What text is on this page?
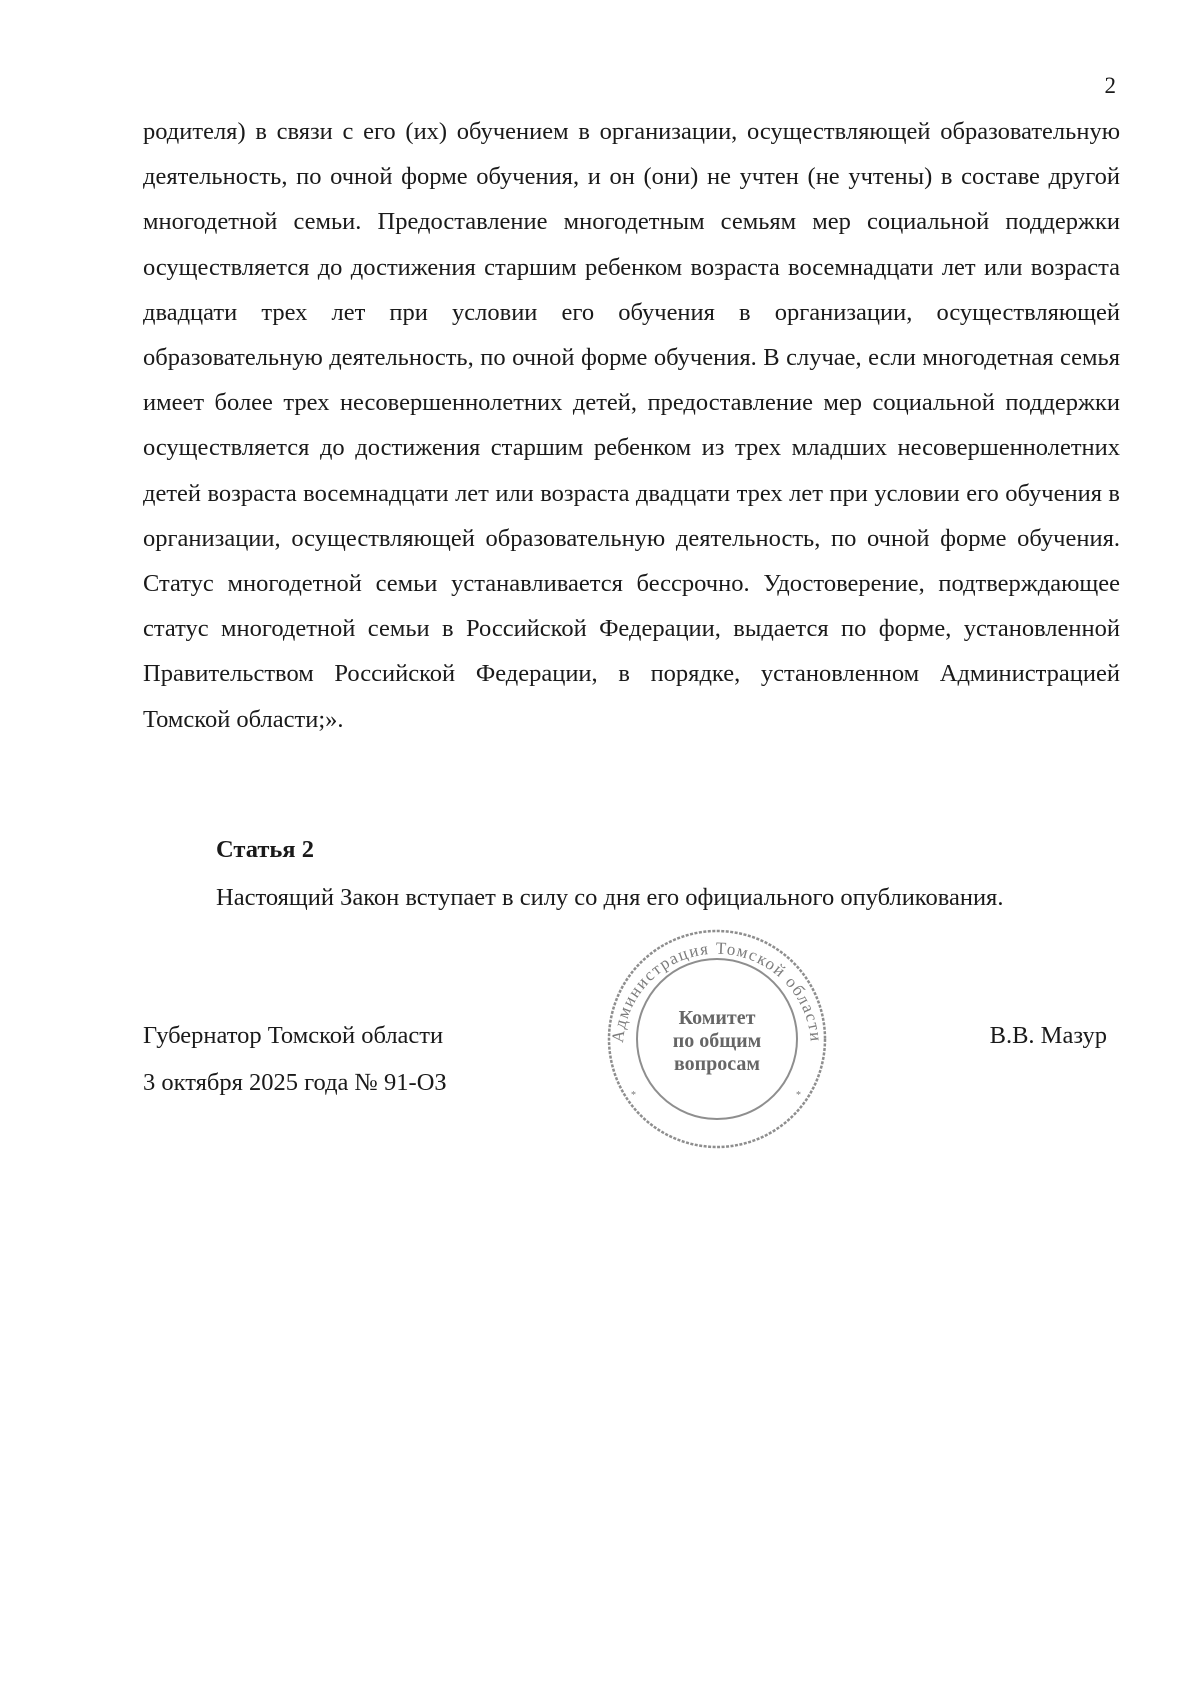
2

родителя) в связи с его (их) обучением в организации, осуществляющей образовательную деятельность, по очной форме обучения, и он (они) не учтен (не учтены) в составе другой многодетной семьи. Предоставление многодетным семьям мер социальной поддержки осуществляется до достижения старшим ребенком возраста восемнадцати лет или возраста двадцати трех лет при условии его обучения в организации, осуществляющей образовательную деятельность, по очной форме обучения. В случае, если многодетная семья имеет более трех несовершеннолетних детей, предоставление мер социальной поддержки осуществляется до достижения старшим ребенком из трех младших несовершеннолетних детей возраста восемнадцати лет или возраста двадцати трех лет при условии его обучения в организации, осуществляющей образовательную деятельность, по очной форме обучения. Статус многодетной семьи устанавливается бессрочно. Удостоверение, подтверждающее статус многодетной семьи в Российской Федерации, выдается по форме, установленной Правительством Российской Федерации, в порядке, установленном Администрацией Томской области;».

Статья 2
Настоящий Закон вступает в силу со дня его официального опубликования.
Губернатор Томской области
3 октября 2025 года № 91-ОЗ
В.В. Мазур
Администрация Томской области
Комитет
по общим
вопросам
*	*
